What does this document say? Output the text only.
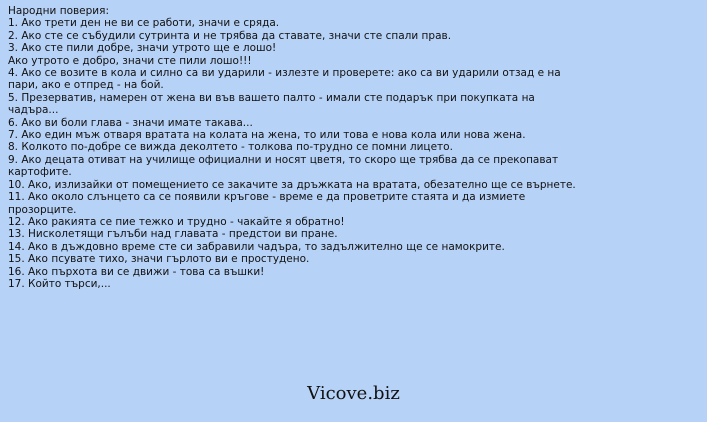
Народни поверия:
1. Ако трети ден не ви се работи, значи е сряда.
2. Ако сте се събудили сутринта и не трябва да ставате, значи сте спали прав.
3. Ако сте пили добре, значи утрото ще е лошо!
Ако утрото е добро, значи сте пили лошо!!!
4. Ако се возите в кола и силно са ви ударили - излезте и проверете: ако са ви ударили отзад е на пари, ако е отпред - на бой.
5. Презерватив, намерен от жена ви във вашето палто - имали сте подарък при покупката на чадъра...
6. Ако ви боли глава - значи имате такава...
7. Ако един мъж отваря вратата на колата на жена, то или това е нова кола или нова жена.
8. Колкото по-добре се вижда деколтето - толкова по-трудно се помни лицето.
9. Ако децата отиват на училище официални и носят цветя, то скоро ще трябва да се прекопават картофите.
10. Ако, излизайки от помещението се закачите за дръжката на вратата, обезателно ще се върнете.
11. Ако около слънцето са се появили кръгове - време е да проветрите стаята и да измиете прозорците.
12. Ако ракията се пие тежко и трудно - чакайте я обратно!
13. Нисколетящи гълъби над главата - предстои ви пране.
14. Ако в дъждовно време сте си забравили чадъра, то задължително ще се намокрите.
15. Ако псувате тихо, значи гърлото ви е простудено.
16. Ако пърхота ви се движи - това са въшки!
17. Който търси,...
Vicove.biz
